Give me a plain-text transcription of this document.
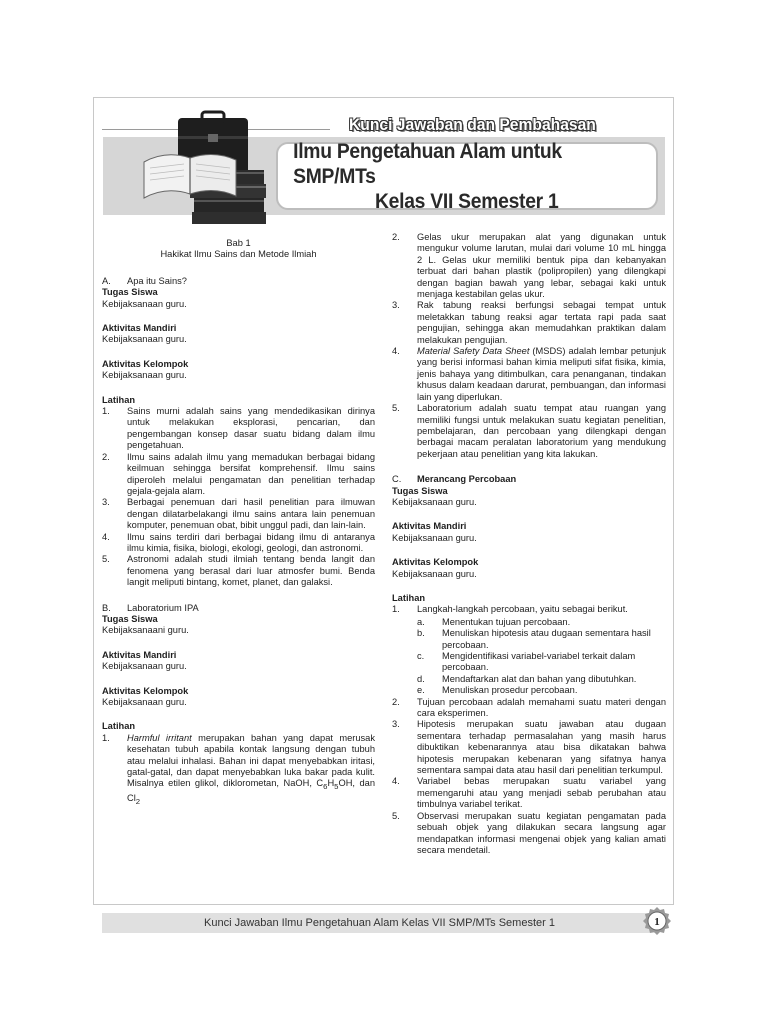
Kunci Jawaban dan Pembahasan
Ilmu Pengetahuan Alam untuk SMP/MTs
Kelas VII Semester 1
Bab 1
Hakikat Ilmu Sains dan Metode Ilmiah
A.	Apa itu Sains?
Tugas Siswa
Kebijaksanaan guru.
Aktivitas Mandiri
Kebijaksanaan guru.
Aktivitas Kelompok
Kebijaksanaan guru.
Latihan
1.	Sains murni adalah sains yang mendedikasikan dirinya untuk melakukan eksplorasi, pencarian, dan pengembangan konsep dasar suatu bidang dalam ilmu pengetahuan.
2.	Ilmu sains adalah ilmu yang memadukan berbagai bidang keilmuan sehingga bersifat komprehensif. Ilmu sains diperoleh melalui pengamatan dan penelitian terhadap gejala-gejala alam.
3.	Berbagai penemuan dari hasil penelitian para ilmuwan dengan dilatarbelakangi ilmu sains antara lain penemuan komputer, penemuan obat, bibit unggul padi, dan lain-lain.
4.	Ilmu sains terdiri dari berbagai bidang ilmu di antaranya ilmu kimia, fisika, biologi, ekologi, geologi, dan astronomi.
5.	Astronomi adalah studi ilmiah tentang benda langit dan fenomena yang berasal dari luar atmosfer bumi. Benda langit meliputi bintang, komet, planet, dan galaksi.
B.	Laboratorium IPA
Tugas Siswa
Kebijaksanaani guru.
Aktivitas Mandiri
Kebijaksanaan guru.
Aktivitas Kelompok
Kebijaksanaan guru.
Latihan
1.	Harmful irritant merupakan bahan yang dapat merusak kesehatan tubuh apabila kontak langsung dengan tubuh atau melalui inhalasi. Bahan ini dapat menyebabkan iritasi, gatal-gatal, dan dapat menyebabkan luka bakar pada kulit. Misalnya etilen glikol, diklorometan, NaOH, $C_6H_5OH$, dan $Cl_2$
2.	Gelas ukur merupakan alat yang digunakan untuk mengukur volume larutan, mulai dari volume 10 mL hingga 2 L. Gelas ukur memiliki bentuk pipa dan kebanyakan terbuat dari bahan plastik (polipropilen) yang dilengkapi dengan bagian bawah yang lebar, sebagai kaki untuk menjaga kestabilan gelas ukur.
3.	Rak tabung reaksi berfungsi sebagai tempat untuk meletakkan tabung reaksi agar tertata rapi pada saat pengujian, sehingga akan memudahkan praktikan dalam melakukan pengujian.
4.	Material Safety Data Sheet (MSDS) adalah lembar petunjuk yang berisi informasi bahan kimia meliputi sifat fisika, kimia, jenis bahaya yang ditimbulkan, cara penanganan, tindakan khusus dalam keadaan darurat, pembuangan, dan informasi lain yang diperlukan.
5.	Laboratorium adalah suatu tempat atau ruangan yang memiliki fungsi untuk melakukan suatu kegiatan penelitian, pembelajaran, dan percobaan yang dilengkapi dengan berbagai macam peralatan laboratorium yang mendukung pekerjaan atau penelitian yang kita lakukan.
C.	Merancang Percobaan
Tugas Siswa
Kebijaksanaan guru.
Aktivitas Mandiri
Kebijaksanaan guru.
Aktivitas Kelompok
Kebijaksanaan guru.
Latihan
1.	Langkah-langkah percobaan, yaitu sebagai berikut.
a.	Menentukan tujuan percobaan.
b.	Menuliskan hipotesis atau dugaan sementara hasil percobaan.
c.	Mengidentifikasi variabel-variabel terkait dalam percobaan.
d.	Mendaftarkan alat dan bahan yang dibutuhkan.
e.	Menuliskan prosedur percobaan.
2.	Tujuan percobaan adalah memahami suatu materi dengan cara eksperimen.
3.	Hipotesis merupakan suatu jawaban atau dugaan sementara terhadap permasalahan yang masih harus dibuktikan kebenarannya atau bisa dikatakan bahwa hipotesis merupakan kebenaran yang sifatnya hanya sementara sampai data atau hasil dari penelitian terkumpul.
4.	Variabel bebas merupakan suatu variabel yang memengaruhi atau yang menjadi sebab perubahan atau timbulnya variabel terikat.
5.	Observasi merupakan suatu kegiatan pengamatan pada sebuah objek yang dilakukan secara langsung agar mendapatkan informasi mengenai objek yang kalian amati secara mendetail.
Kunci Jawaban Ilmu Pengetahuan Alam Kelas VII SMP/MTs Semester 1	1
